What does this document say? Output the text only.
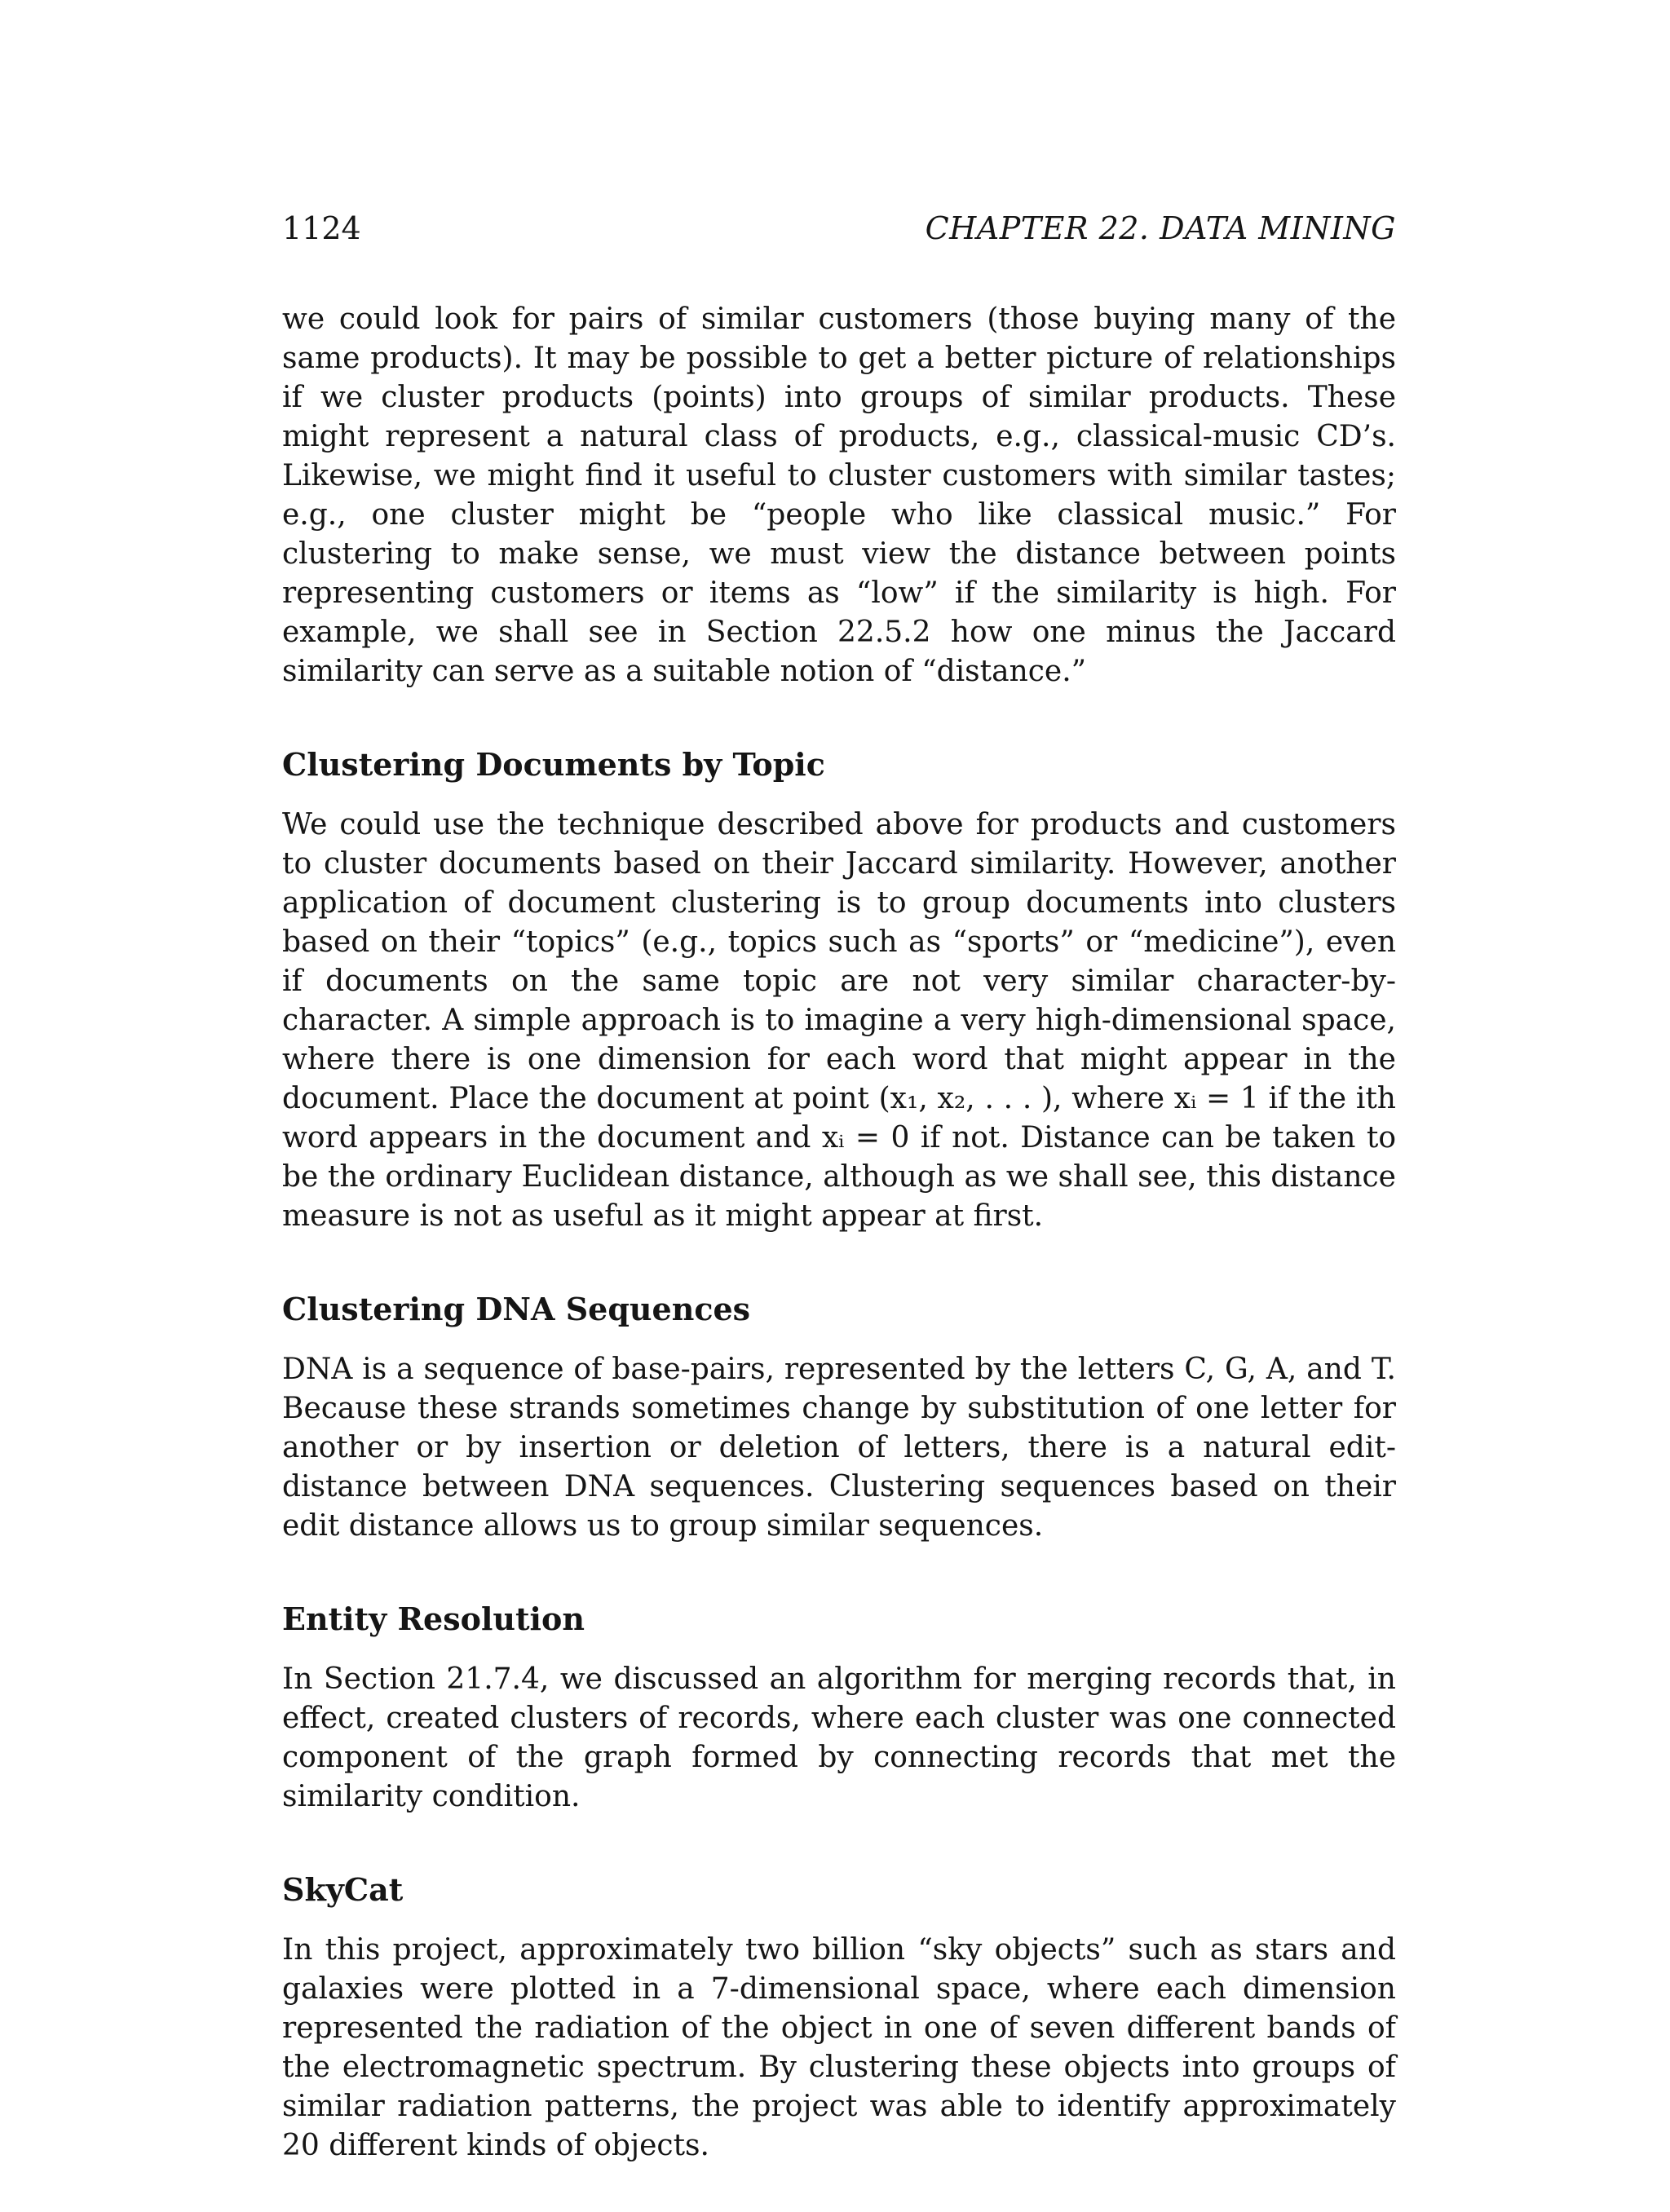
1124	CHAPTER 22. DATA MINING

we could look for pairs of similar customers (those buying many of the same products). It may be possible to get a better picture of relationships if we cluster products (points) into groups of similar products. These might represent a natural class of products, e.g., classical-music CD’s. Likewise, we might find it useful to cluster customers with similar tastes; e.g., one cluster might be “people who like classical music.” For clustering to make sense, we must view the distance between points representing customers or items as “low” if the similarity is high. For example, we shall see in Section 22.5.2 how one minus the Jaccard similarity can serve as a suitable notion of “distance.”

Clustering Documents by Topic

We could use the technique described above for products and customers to cluster documents based on their Jaccard similarity. However, another application of document clustering is to group documents into clusters based on their “topics” (e.g., topics such as “sports” or “medicine”), even if documents on the same topic are not very similar character-by-character. A simple approach is to imagine a very high-dimensional space, where there is one dimension for each word that might appear in the document. Place the document at point (x₁, x₂, . . . ), where xᵢ = 1 if the ith word appears in the document and xᵢ = 0 if not. Distance can be taken to be the ordinary Euclidean distance, although as we shall see, this distance measure is not as useful as it might appear at first.

Clustering DNA Sequences

DNA is a sequence of base-pairs, represented by the letters C, G, A, and T. Because these strands sometimes change by substitution of one letter for another or by insertion or deletion of letters, there is a natural edit-distance between DNA sequences. Clustering sequences based on their edit distance allows us to group similar sequences.

Entity Resolution

In Section 21.7.4, we discussed an algorithm for merging records that, in effect, created clusters of records, where each cluster was one connected component of the graph formed by connecting records that met the similarity condition.

SkyCat

In this project, approximately two billion “sky objects” such as stars and galaxies were plotted in a 7-dimensional space, where each dimension represented the radiation of the object in one of seven different bands of the electromagnetic spectrum. By clustering these objects into groups of similar radiation patterns, the project was able to identify approximately 20 different kinds of objects.
